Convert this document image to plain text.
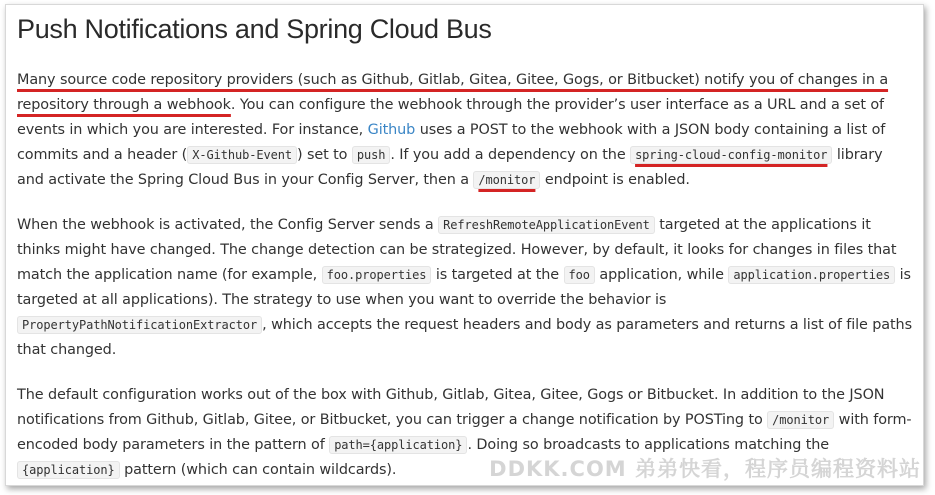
Push Notifications and Spring Cloud Bus

Many source code repository providers (such as Github, Gitlab, Gitea, Gitee, Gogs, or Bitbucket) notify you of changes in a repository through a webhook. You can configure the webhook through the provider’s user interface as a URL and a set of events in which you are interested. For instance, Github uses a POST to the webhook with a JSON body containing a list of commits and a header ( X-Github-Event ) set to push . If you add a dependency on the spring-cloud-config-monitor library and activate the Spring Cloud Bus in your Config Server, then a /monitor endpoint is enabled.

When the webhook is activated, the Config Server sends a RefreshRemoteApplicationEvent targeted at the applications it thinks might have changed. The change detection can be strategized. However, by default, it looks for changes in files that match the application name (for example, foo.properties is targeted at the foo application, while application.properties is targeted at all applications). The strategy to use when you want to override the behavior is PropertyPathNotificationExtractor , which accepts the request headers and body as parameters and returns a list of file paths that changed.

The default configuration works out of the box with Github, Gitlab, Gitea, Gitee, Gogs or Bitbucket. In addition to the JSON notifications from Github, Gitlab, Gitee, or Bitbucket, you can trigger a change notification by POSTing to /monitor with form-encoded body parameters in the pattern of path={application} . Doing so broadcasts to applications matching the {application} pattern (which can contain wildcards).	DDKK.COM 弟弟快看，程序员编程资料站
